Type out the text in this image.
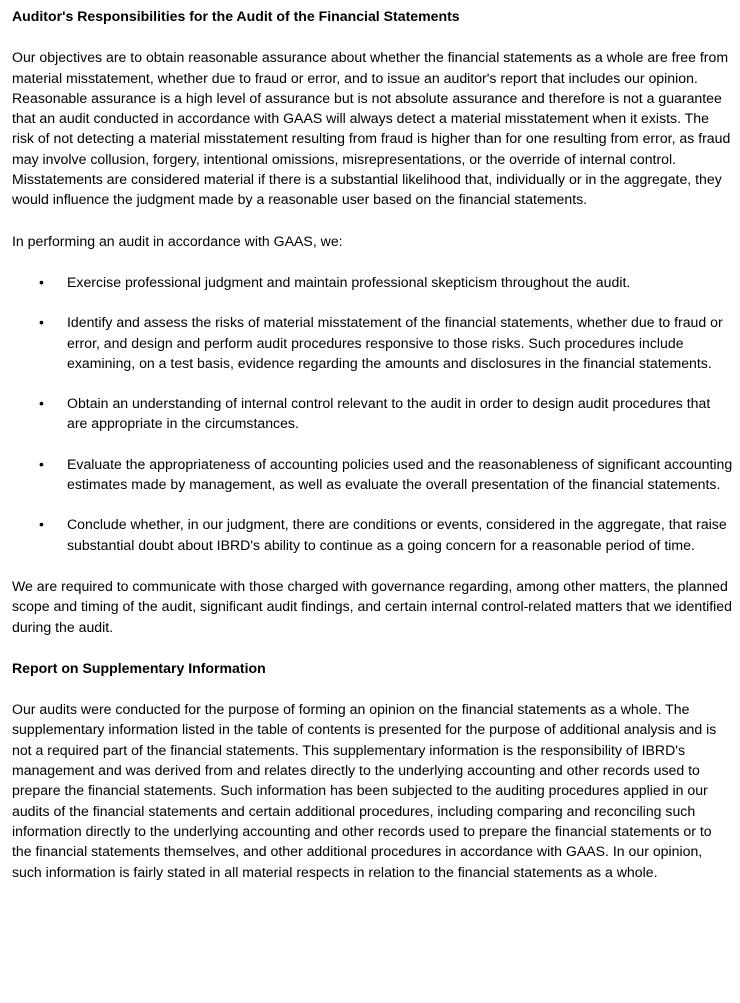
Auditor's Responsibilities for the Audit of the Financial Statements

Our objectives are to obtain reasonable assurance about whether the financial statements as a whole are free from material misstatement, whether due to fraud or error, and to issue an auditor's report that includes our opinion. Reasonable assurance is a high level of assurance but is not absolute assurance and therefore is not a guarantee that an audit conducted in accordance with GAAS will always detect a material misstatement when it exists. The risk of not detecting a material misstatement resulting from fraud is higher than for one resulting from error, as fraud may involve collusion, forgery, intentional omissions, misrepresentations, or the override of internal control. Misstatements are considered material if there is a substantial likelihood that, individually or in the aggregate, they would influence the judgment made by a reasonable user based on the financial statements.

In performing an audit in accordance with GAAS, we:

• Exercise professional judgment and maintain professional skepticism throughout the audit.
• Identify and assess the risks of material misstatement of the financial statements, whether due to fraud or error, and design and perform audit procedures responsive to those risks. Such procedures include examining, on a test basis, evidence regarding the amounts and disclosures in the financial statements.
• Obtain an understanding of internal control relevant to the audit in order to design audit procedures that are appropriate in the circumstances.
• Evaluate the appropriateness of accounting policies used and the reasonableness of significant accounting estimates made by management, as well as evaluate the overall presentation of the financial statements.
• Conclude whether, in our judgment, there are conditions or events, considered in the aggregate, that raise substantial doubt about IBRD's ability to continue as a going concern for a reasonable period of time.

We are required to communicate with those charged with governance regarding, among other matters, the planned scope and timing of the audit, significant audit findings, and certain internal control-related matters that we identified during the audit.

Report on Supplementary Information

Our audits were conducted for the purpose of forming an opinion on the financial statements as a whole. The supplementary information listed in the table of contents is presented for the purpose of additional analysis and is not a required part of the financial statements. This supplementary information is the responsibility of IBRD's management and was derived from and relates directly to the underlying accounting and other records used to prepare the financial statements. Such information has been subjected to the auditing procedures applied in our audits of the financial statements and certain additional procedures, including comparing and reconciling such information directly to the underlying accounting and other records used to prepare the financial statements or to the financial statements themselves, and other additional procedures in accordance with GAAS. In our opinion, such information is fairly stated in all material respects in relation to the financial statements as a whole.
